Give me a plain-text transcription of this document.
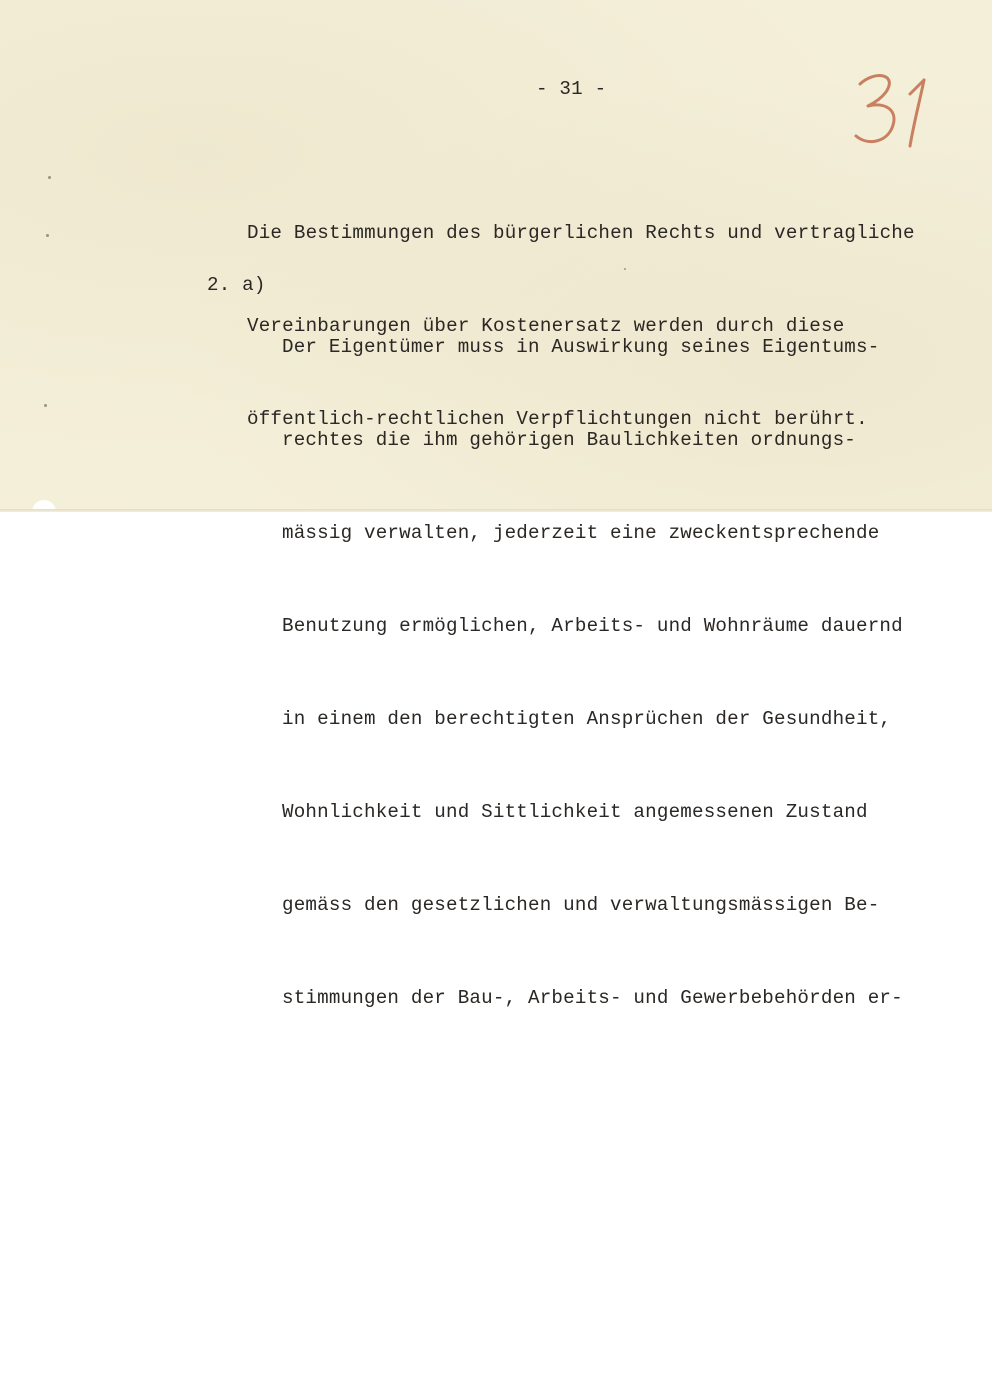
- 31 -

Die Bestimmungen des bürgerlichen Rechts und vertragliche

Vereinbarungen über Kostenersatz werden durch diese

öffentlich-rechtlichen Verpflichtungen nicht berührt.

2. a)

Der Eigentümer muss in Auswirkung seines Eigentums-

rechtes die ihm gehörigen Baulichkeiten ordnungs-

mässig verwalten, jederzeit eine zweckentsprechende

Benutzung ermöglichen, Arbeits- und Wohnräume dauernd

in einem den berechtigten Ansprüchen der Gesundheit,

Wohnlichkeit und Sittlichkeit angemessenen Zustand

gemäss den gesetzlichen und verwaltungsmässigen Be-

stimmungen der Bau-, Arbeits- und Gewerbebehörden er-
